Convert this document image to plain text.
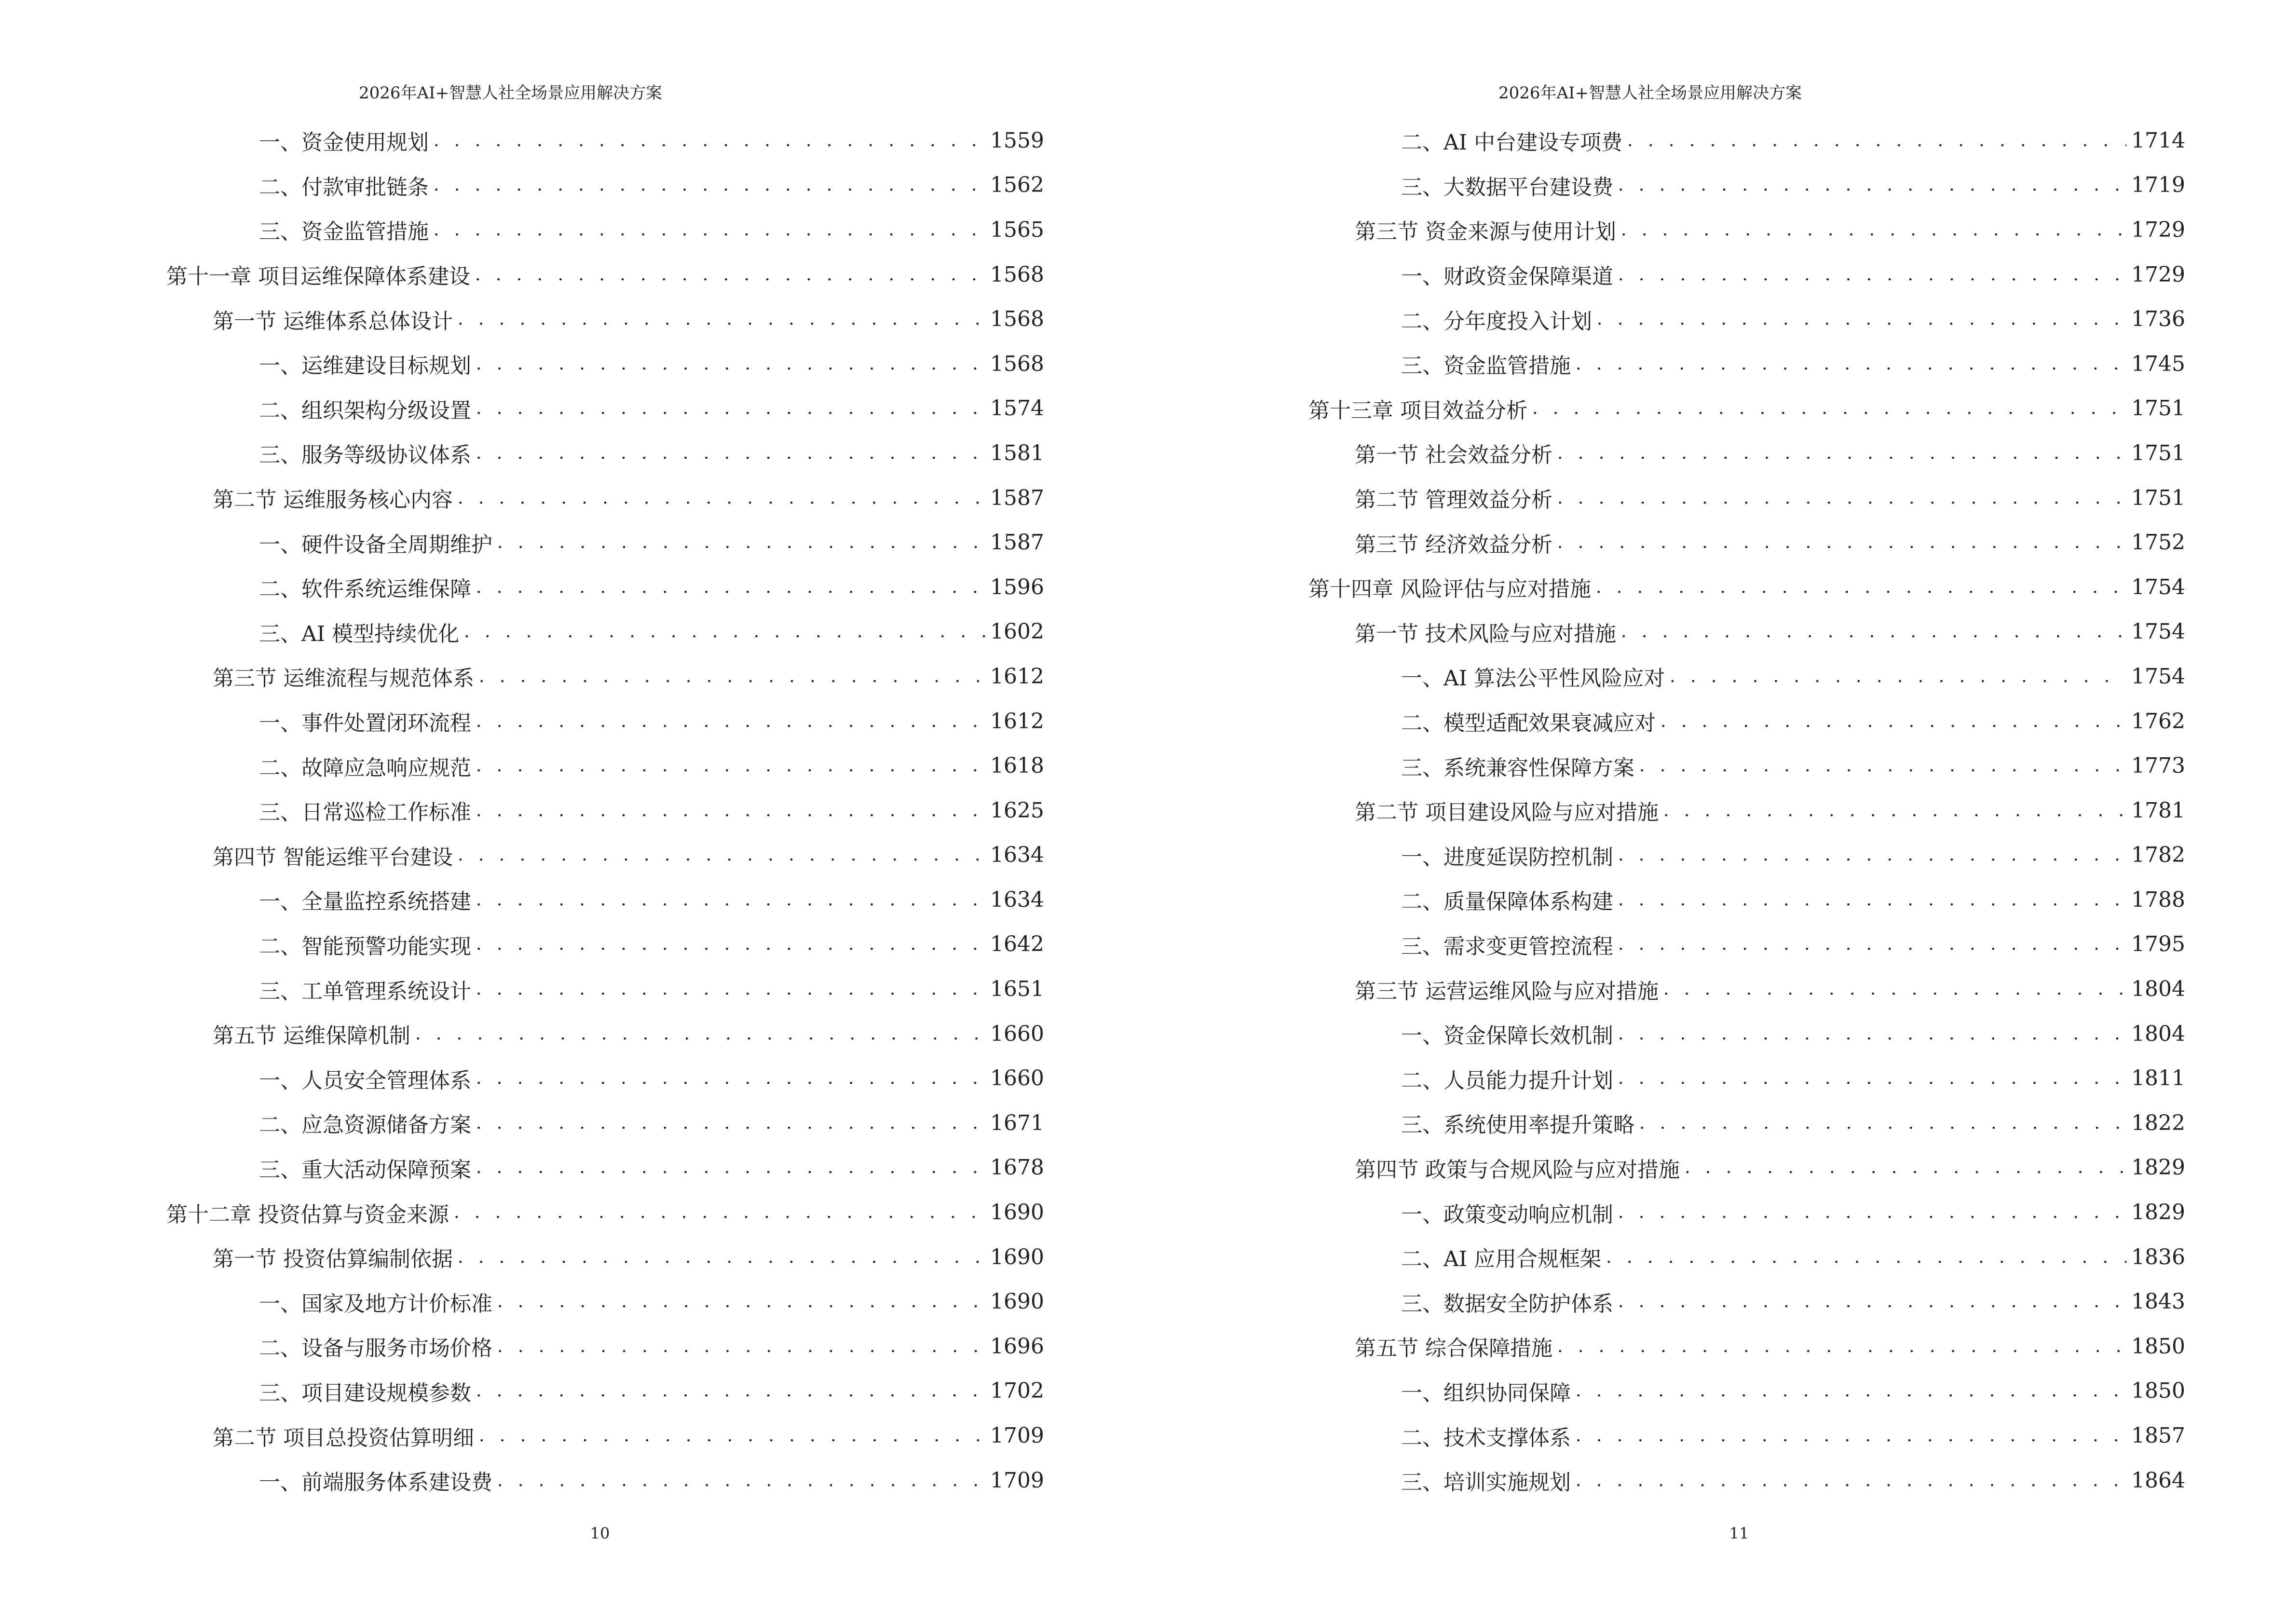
2026年AI+智慧人社全场景应用解决方案
一、资金使用规划 . . .	1559
二、付款审批链条 . . .	1562
三、资金监管措施 . . .	1565
第十一章 项目运维保障体系建设 . . .	1568
第一节 运维体系总体设计 . . .	1568
一、运维建设目标规划 . . .	1568
二、组织架构分级设置 . . .	1574
三、服务等级协议体系 . . .	1581
第二节 运维服务核心内容 . . .	1587
一、硬件设备全周期维护 . . .	1587
二、软件系统运维保障 . . .	1596
三、AI 模型持续优化 . . .	1602
第三节 运维流程与规范体系 . . .	1612
一、事件处置闭环流程 . . .	1612
二、故障应急响应规范 . . .	1618
三、日常巡检工作标准 . . .	1625
第四节 智能运维平台建设 . . .	1634
一、全量监控系统搭建 . . .	1634
二、智能预警功能实现 . . .	1642
三、工单管理系统设计 . . .	1651
第五节 运维保障机制 . . .	1660
一、人员安全管理体系 . . .	1660
二、应急资源储备方案 . . .	1671
三、重大活动保障预案 . . .	1678
第十二章 投资估算与资金来源 . . .	1690
第一节 投资估算编制依据 . . .	1690
一、国家及地方计价标准 . . .	1690
二、设备与服务市场价格 . . .	1696
三、项目建设规模参数 . . .	1702
第二节 项目总投资估算明细 . . .	1709
一、前端服务体系建设费 . . .	1709
10
2026年AI+智慧人社全场景应用解决方案
二、AI 中台建设专项费 . . .	1714
三、大数据平台建设费 . . .	1719
第三节 资金来源与使用计划 . . .	1729
一、财政资金保障渠道 . . .	1729
二、分年度投入计划 . . .	1736
三、资金监管措施 . . .	1745
第十三章 项目效益分析 . . .	1751
第一节 社会效益分析 . . .	1751
第二节 管理效益分析 . . .	1751
第三节 经济效益分析 . . .	1752
第十四章 风险评估与应对措施 . . .	1754
第一节 技术风险与应对措施 . . .	1754
一、AI 算法公平性风险应对 . . .	1754
二、模型适配效果衰减应对 . . .	1762
三、系统兼容性保障方案 . . .	1773
第二节 项目建设风险与应对措施 . . .	1781
一、进度延误防控机制 . . .	1782
二、质量保障体系构建 . . .	1788
三、需求变更管控流程 . . .	1795
第三节 运营运维风险与应对措施 . . .	1804
一、资金保障长效机制 . . .	1804
二、人员能力提升计划 . . .	1811
三、系统使用率提升策略 . . .	1822
第四节 政策与合规风险与应对措施 . . .	1829
一、政策变动响应机制 . . .	1829
二、AI 应用合规框架 . . .	1836
三、数据安全防护体系 . . .	1843
第五节 综合保障措施 . . .	1850
一、组织协同保障 . . .	1850
二、技术支撑体系 . . .	1857
三、培训实施规划 . . .	1864
11
